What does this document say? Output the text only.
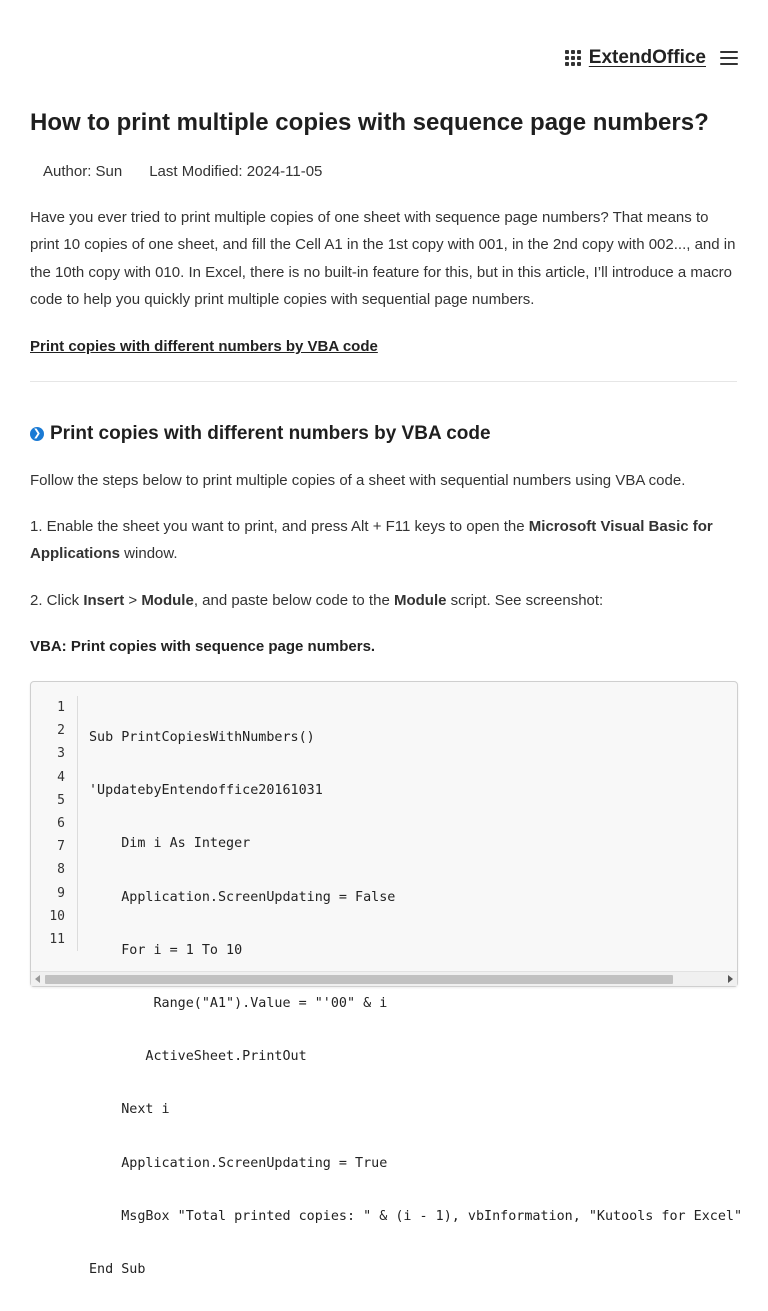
ExtendOffice
How to print multiple copies with sequence page numbers?
Author: Sun Last Modified: 2024-11-05

Have you ever tried to print multiple copies of one sheet with sequence page numbers? That means to print 10 copies of one sheet, and fill the Cell A1 in the 1st copy with 001, in the 2nd copy with 002..., and in the 10th copy with 010. In Excel, there is no built-in feature for this, but in this article, I’ll introduce a macro code to help you quickly print multiple copies with sequential page numbers.

Print copies with different numbers by VBA code
❯ Print copies with different numbers by VBA code

Follow the steps below to print multiple copies of a sheet with sequential numbers using VBA code.

1. Enable the sheet you want to print, and press Alt + F11 keys to open the Microsoft Visual Basic for Applications window.

2. Click Insert > Module, and paste below code to the Module script. See screenshot:

VBA: Print copies with sequence page numbers.
1
2
3
4
5
6
7
8
9
10
11

Sub PrintCopiesWithNumbers()

'UpdatebyEntendoffice20161031

Dim i As Integer

Application.ScreenUpdating = False

For i = 1 To 10

Range("A1").Value = "'00" & i

ActiveSheet.PrintOut

Next i

Application.ScreenUpdating = True

MsgBox "Total printed copies: " & (i - 1), vbInformation, "Kutools for Excel"

End Sub
